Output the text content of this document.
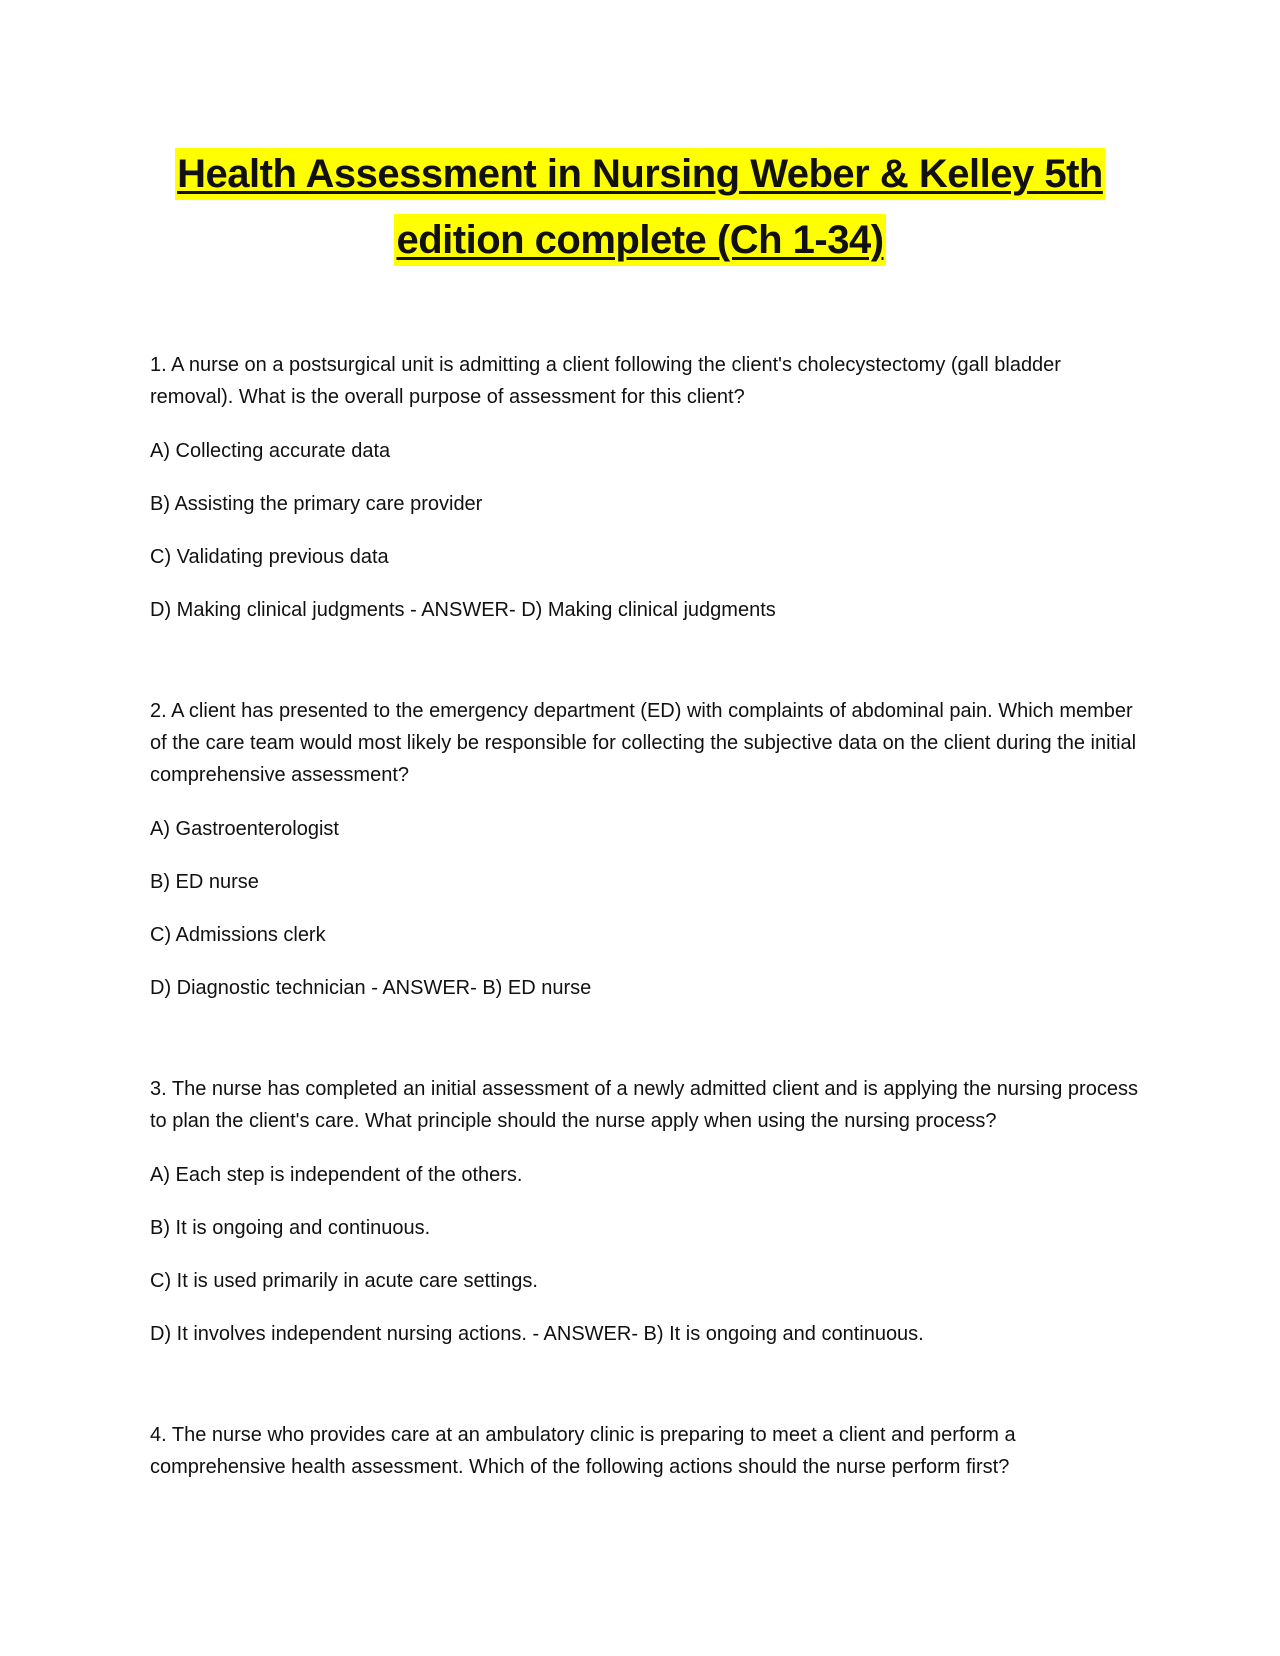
Health Assessment in Nursing Weber & Kelley 5th
edition complete (Ch 1-34)

1. A nurse on a postsurgical unit is admitting a client following the client's cholecystectomy (gall bladder removal). What is the overall purpose of assessment for this client?

A) Collecting accurate data

B) Assisting the primary care provider

C) Validating previous data

D) Making clinical judgments - ANSWER- D) Making clinical judgments

2. A client has presented to the emergency department (ED) with complaints of abdominal pain. Which member of the care team would most likely be responsible for collecting the subjective data on the client during the initial comprehensive assessment?

A) Gastroenterologist

B) ED nurse

C) Admissions clerk

D) Diagnostic technician - ANSWER- B) ED nurse

3. The nurse has completed an initial assessment of a newly admitted client and is applying the nursing process to plan the client's care. What principle should the nurse apply when using the nursing process?

A) Each step is independent of the others.

B) It is ongoing and continuous.

C) It is used primarily in acute care settings.

D) It involves independent nursing actions. - ANSWER- B) It is ongoing and continuous.

4. The nurse who provides care at an ambulatory clinic is preparing to meet a client and perform a comprehensive health assessment. Which of the following actions should the nurse perform first?
